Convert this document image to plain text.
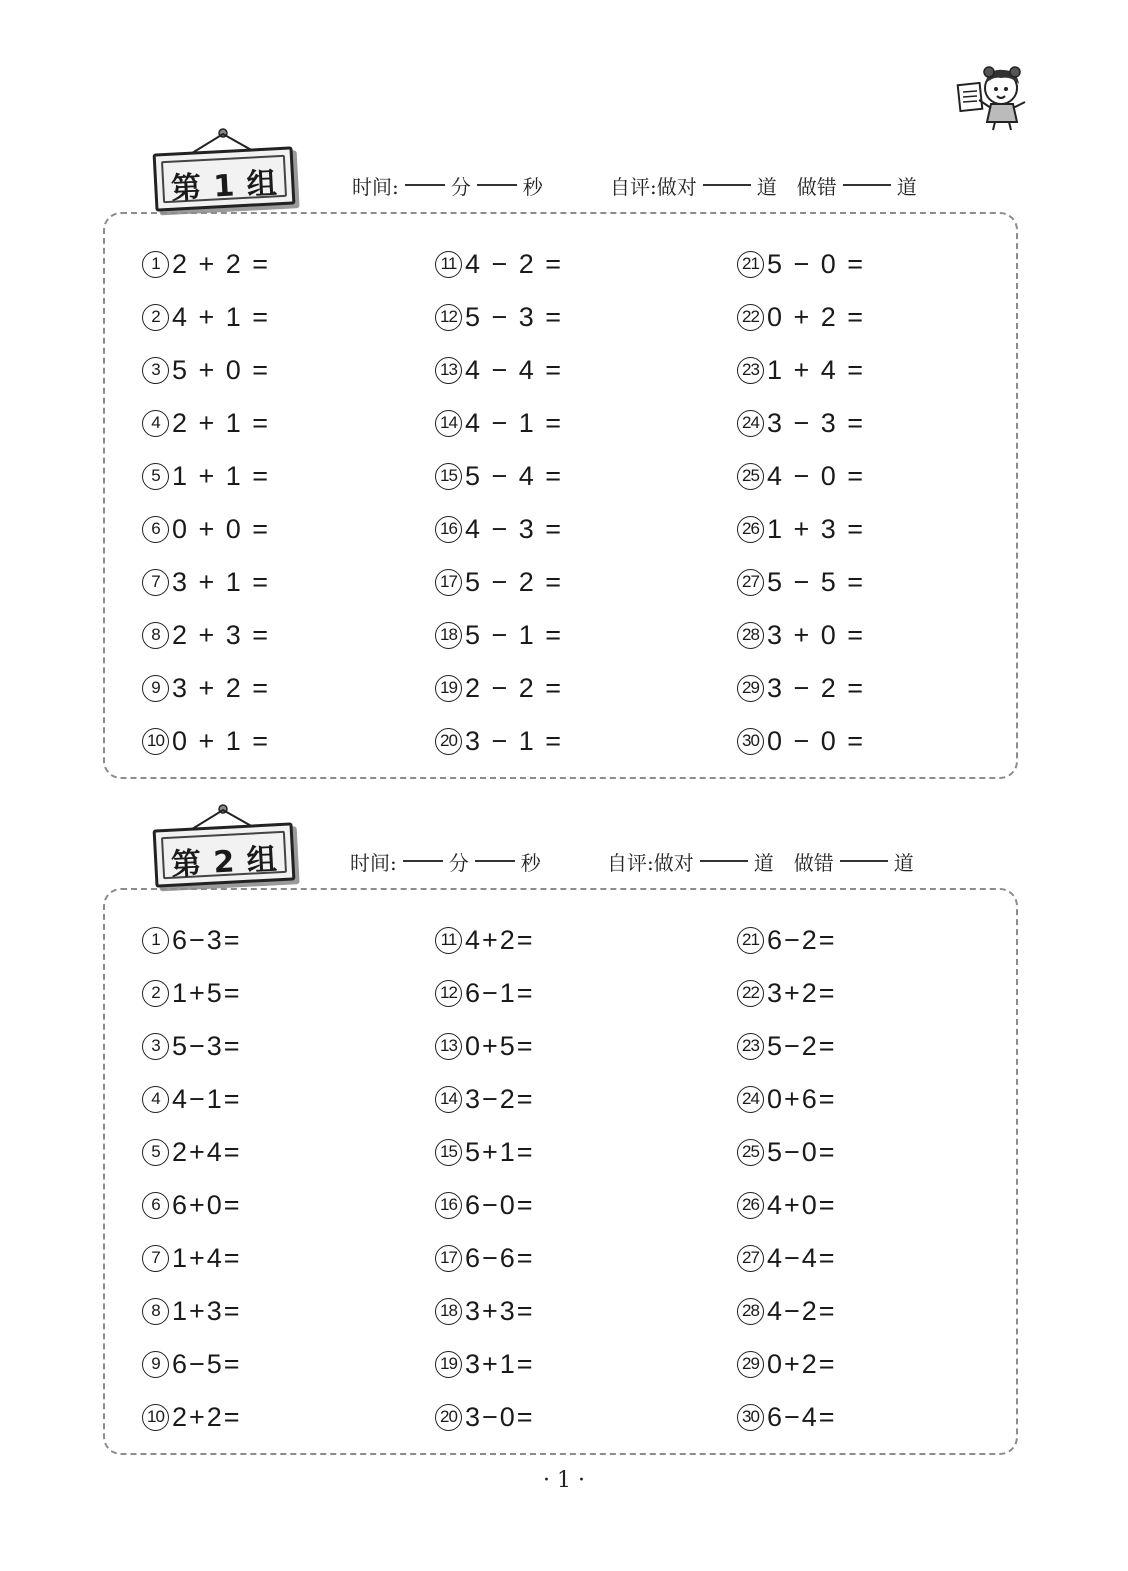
第 1 组	时间:	分	秒	自评:做对	道 做错	道
1 2 + 2 =
2 4 + 1 =
3 5 + 0 =
4 2 + 1 =
5 1 + 1 =
6 0 + 0 =
7 3 + 1 =
8 2 + 3 =
9 3 + 2 =
10 0 + 1 =
11 4 − 2 =
12 5 − 3 =
13 4 − 4 =
14 4 − 1 =
15 5 − 4 =
16 4 − 3 =
17 5 − 2 =
18 5 − 1 =
19 2 − 2 =
20 3 − 1 =
21 5 − 0 =
22 0 + 2 =
23 1 + 4 =
24 3 − 3 =
25 4 − 0 =
26 1 + 3 =
27 5 − 5 =
28 3 + 0 =
29 3 − 2 =
30 0 − 0 =
第 2 组	时间:	分	秒	自评:做对	道 做错	道
1 6−3=
2 1+5=
3 5−3=
4 4−1=
5 2+4=
6 6+0=
7 1+4=
8 1+3=
9 6−5=
10 2+2=
11 4+2=
12 6−1=
13 0+5=
14 3−2=
15 5+1=
16 6−0=
17 6−6=
18 3+3=
19 3+1=
20 3−0=
21 6−2=
22 3+2=
23 5−2=
24 0+6=
25 5−0=
26 4+0=
27 4−4=
28 4−2=
29 0+2=
30 6−4=
· 1 ·
